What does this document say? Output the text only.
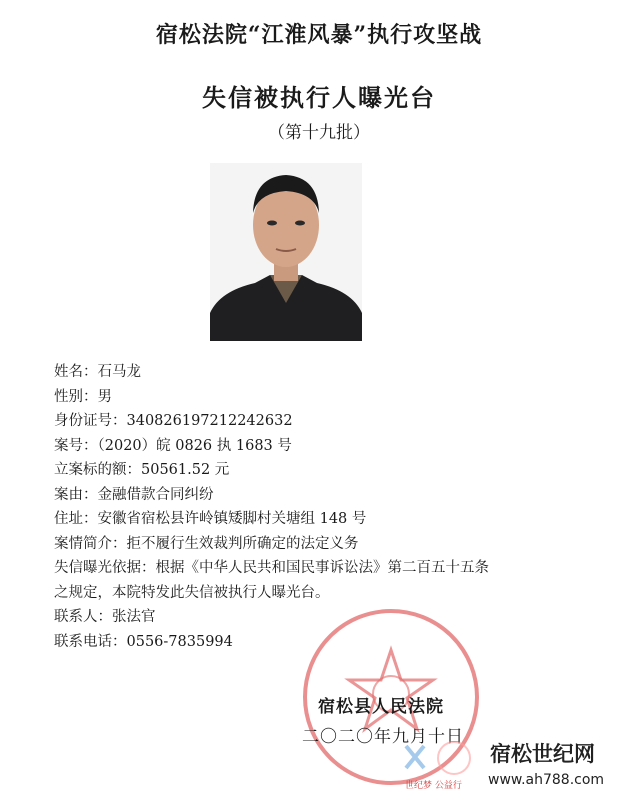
宿松法院“江淮风暴”执行攻坚战
失信被执行人曝光台
（第十九批）
姓名：石马龙
性别：男
身份证号：340826197212242632
案号：（2020）皖 0826 执 1683 号
立案标的额：50561.52 元
案由：金融借款合同纠纷
住址：安徽省宿松县许岭镇矮脚村关塘组 148 号
案情简介：拒不履行生效裁判所确定的法定义务
失信曝光依据：根据《中华人民共和国民事诉讼法》第二百五十五条
之规定，本院特发此失信被执行人曝光台。
联系人：张法官
联系电话：0556-7835994
宿松县人民法院
二〇二〇年九月十日
世纪梦 公益行
宿松世纪网
www.ah788.com
